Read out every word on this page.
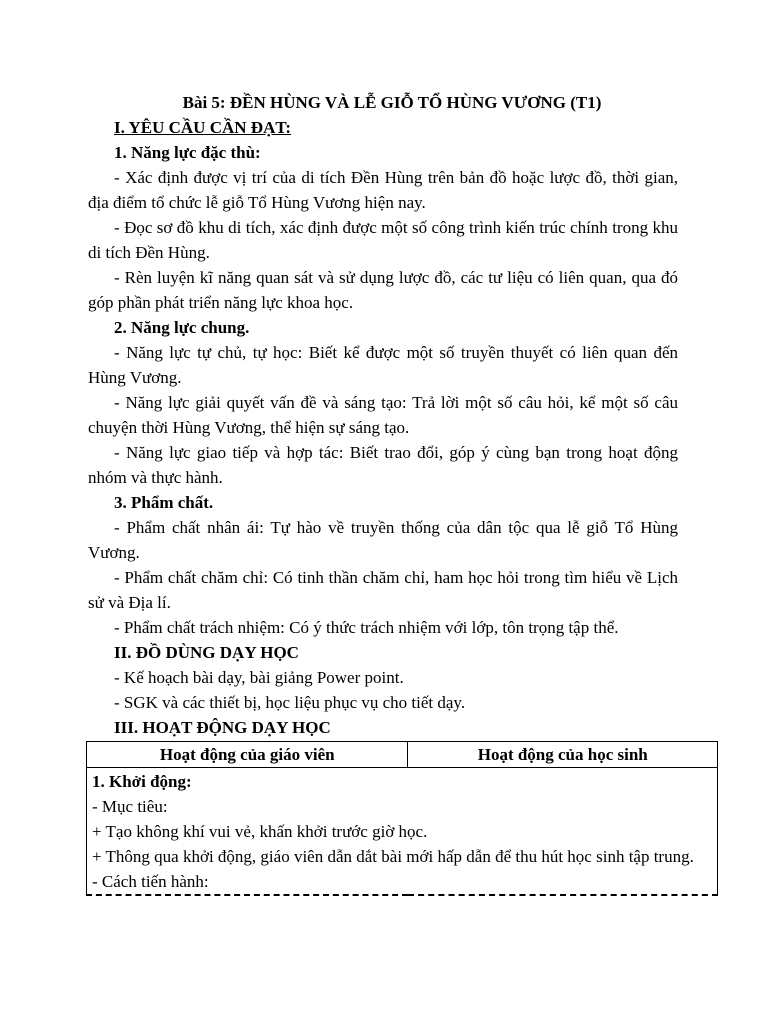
Bài 5: ĐỀN HÙNG VÀ LỄ GIỖ TỔ HÙNG VƯƠNG (T1)
I. YÊU CẦU CẦN ĐẠT:
1. Năng lực đặc thù:
- Xác định được vị trí của di tích Đền Hùng trên bản đồ hoặc lược đồ, thời gian, địa điểm tổ chức lễ giỗ Tổ Hùng Vương hiện nay.
- Đọc sơ đồ khu di tích, xác định được một số công trình kiến trúc chính trong khu di tích Đền Hùng.
- Rèn luyện kĩ năng quan sát và sử dụng lược đồ, các tư liệu có liên quan, qua đó góp phần phát triển năng lực khoa học.
2. Năng lực chung.
- Năng lực tự chủ, tự học: Biết kể được một số truyền thuyết có liên quan đến Hùng Vương.
- Năng lực giải quyết vấn đề và sáng tạo: Trả lời một số câu hỏi, kể một số câu chuyện thời Hùng Vương, thể hiện sự sáng tạo.
- Năng lực giao tiếp và hợp tác: Biết trao đổi, góp ý cùng bạn trong hoạt động nhóm và thực hành.
3. Phẩm chất.
- Phẩm chất nhân ái: Tự hào về truyền thống của dân tộc qua lễ giỗ Tổ Hùng Vương.
- Phẩm chất chăm chỉ: Có tinh thần chăm chỉ, ham học hỏi trong tìm hiểu về Lịch sử và Địa lí.
- Phẩm chất trách nhiệm: Có ý thức trách nhiệm với lớp, tôn trọng tập thể.
II. ĐỒ DÙNG DẠY HỌC
- Kế hoạch bài dạy, bài giảng Power point.
- SGK và các thiết bị, học liệu phục vụ cho tiết dạy.
III. HOẠT ĐỘNG DẠY HỌC
Hoạt động của giáo viên	Hoạt động của học sinh

1. Khởi động:
- Mục tiêu:
+ Tạo không khí vui vẻ, khấn khởi trước giờ học.
+ Thông qua khởi động, giáo viên dẫn dắt bài mới hấp dẫn để thu hút học sinh tập trung.
- Cách tiến hành:
